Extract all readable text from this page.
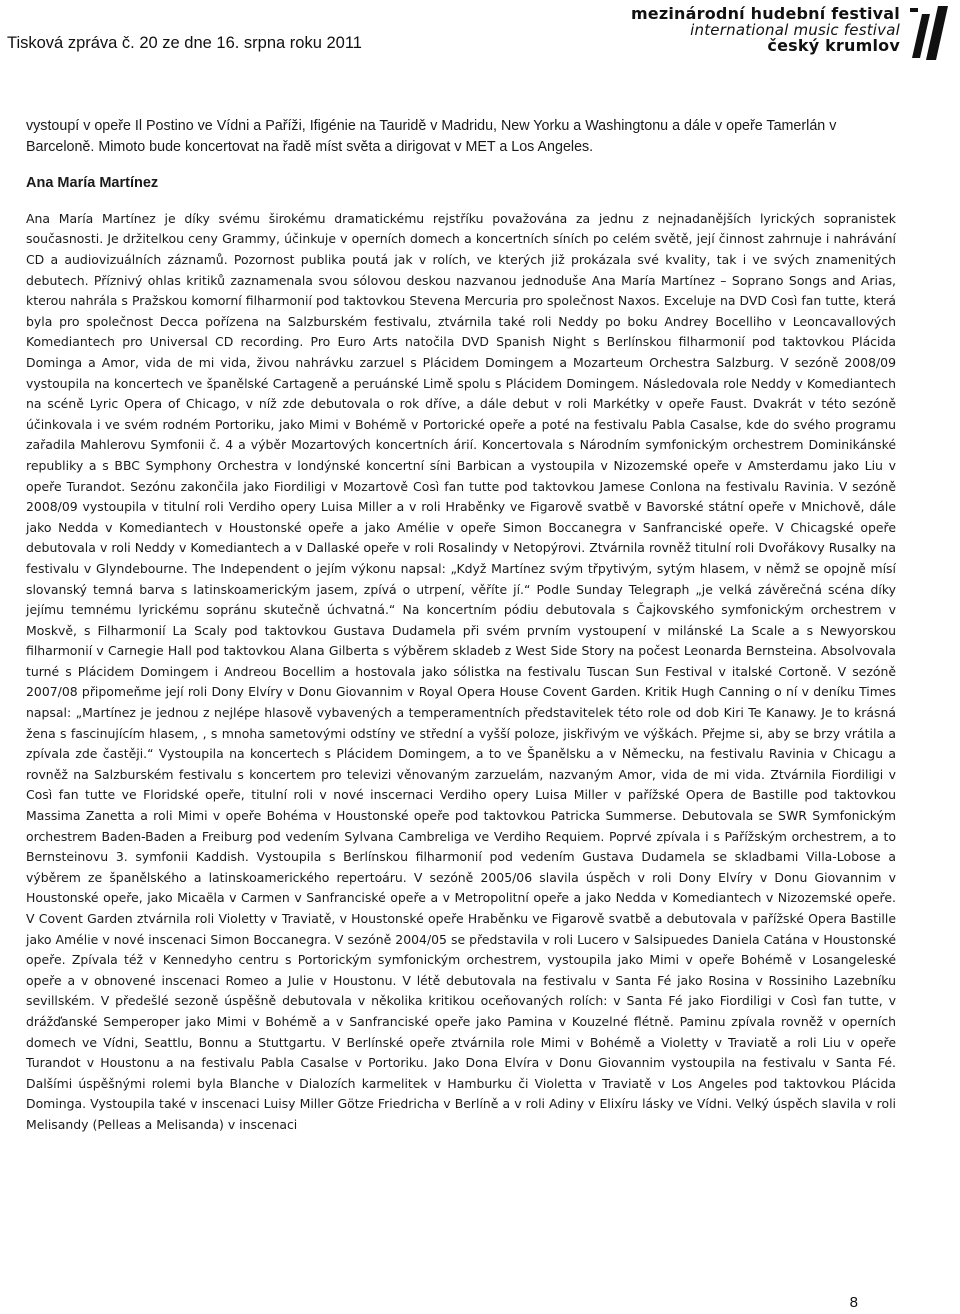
Tisková zpráva č. 20 ze dne 16. srpna roku 2011
mezinárodní hudební festival
international music festival
český krumlov

vystoupí v opeře Il Postino ve Vídni a Paříži, Ifigénie na Tauridě v Madridu, New Yorku a Washingtonu a dále v opeře Tamerlán v Barceloně. Mimoto bude koncertovat na řadě míst světa a dirigovat v MET a Los Angeles.

Ana María Martínez

Ana María Martínez je díky svému širokému dramatickému rejstříku považována za jednu z nejnadanějších lyrických sopranistek současnosti. Je držitelkou ceny Grammy, účinkuje v operních domech a koncertních síních po celém světě, její činnost zahrnuje i nahrávání CD a audiovizuálních záznamů. Pozornost publika poutá jak v rolích, ve kterých již prokázala své kvality, tak i ve svých znamenitých debutech. Příznivý ohlas kritiků zaznamenala svou sólovou deskou nazvanou jednoduše Ana María Martínez – Soprano Songs and Arias, kterou nahrála s Pražskou komorní filharmonií pod taktovkou Stevena Mercuria pro společnost Naxos. Exceluje na DVD Così fan tutte, která byla pro společnost Decca pořízena na Salzburském festivalu, ztvárnila také roli Neddy po boku Andrey Bocelliho v Leoncavallových Komediantech pro Universal CD recording. Pro Euro Arts natočila DVD Spanish Night s Berlínskou filharmonií pod taktovkou Plácida Dominga a Amor, vida de mi vida, živou nahrávku zarzuel s Plácidem Domingem a Mozarteum Orchestra Salzburg. V sezóně 2008/09 vystoupila na koncertech ve španělské Cartageně a peruánské Limě spolu s Plácidem Domingem. Následovala role Neddy v Komediantech na scéně Lyric Opera of Chicago, v níž zde debutovala o rok dříve, a dále debut v roli Markétky v opeře Faust. Dvakrát v této sezóně účinkovala i ve svém rodném Portoriku, jako Mimi v Bohémě v Portorické opeře a poté na festivalu Pabla Casalse, kde do svého programu zařadila Mahlerovu Symfonii č. 4 a výběr Mozartových koncertních árií. Koncertovala s Národním symfonickým orchestrem Dominikánské republiky a s BBC Symphony Orchestra v londýnské koncertní síni Barbican a vystoupila v Nizozemské opeře v Amsterdamu jako Liu v opeře Turandot. Sezónu zakončila jako Fiordiligi v Mozartově Così fan tutte pod taktovkou Jamese Conlona na festivalu Ravinia. V sezóně 2008/09 vystoupila v titulní roli Verdiho opery Luisa Miller a v roli Hraběnky ve Figarově svatbě v Bavorské státní opeře v Mnichově, dále jako Nedda v Komediantech v Houstonské opeře a jako Amélie v opeře Simon Boccanegra v Sanfranciské opeře. V Chicagské opeře debutovala v roli Neddy v Komediantech a v Dallaské opeře v roli Rosalindy v Netopýrovi. Ztvárnila rovněž titulní roli Dvořákovy Rusalky na festivalu v Glyndebourne. The Independent o jejím výkonu napsal: „Když Martínez svým třpytivým, sytým hlasem, v němž se opojně mísí slovanský temná barva s latinskoamerickým jasem, zpívá o utrpení, věříte jí.“ Podle Sunday Telegraph „je velká závěrečná scéna díky jejímu temnému lyrickému sopránu skutečně úchvatná.“ Na koncertním pódiu debutovala s Čajkovského symfonickým orchestrem v Moskvě, s Filharmonií La Scaly pod taktovkou Gustava Dudamela při svém prvním vystoupení v milánské La Scale a s Newyorskou filharmonií v Carnegie Hall pod taktovkou Alana Gilberta s výběrem skladeb z West Side Story na počest Leonarda Bernsteina. Absolvovala turné s Plácidem Domingem i Andreou Bocellim a hostovala jako sólistka na festivalu Tuscan Sun Festival v italské Cortoně. V sezóně 2007/08 připomeňme její roli Dony Elvíry v Donu Giovannim v Royal Opera House Covent Garden. Kritik Hugh Canning o ní v deníku Times napsal: „Martínez je jednou z nejlépe hlasově vybavených a temperamentních představitelek této role od dob Kiri Te Kanawy. Je to krásná žena s fascinujícím hlasem, , s mnoha sametovými odstíny ve střední a vyšší poloze, jiskřivým ve výškách. Přejme si, aby se brzy vrátila a zpívala zde častěji.“ Vystoupila na koncertech s Plácidem Domingem, a to ve Španělsku a v Německu, na festivalu Ravinia v Chicagu a rovněž na Salzburském festivalu s koncertem pro televizi věnovaným zarzuelám, nazvaným Amor, vida de mi vida. Ztvárnila Fiordiligi v Così fan tutte ve Floridské opeře, titulní roli v nové inscernaci Verdiho opery Luisa Miller v pařížské Opera de Bastille pod taktovkou Massima Zanetta a roli Mimi v opeře Bohéma v Houstonské opeře pod taktovkou Patricka Summerse. Debutovala se SWR Symfonickým orchestrem Baden-Baden a Freiburg pod vedením Sylvana Cambreliga ve Verdiho Requiem. Poprvé zpívala i s Pařížským orchestrem, a to Bernsteinovu 3. symfonii Kaddish. Vystoupila s Berlínskou filharmonií pod vedením Gustava Dudamela se skladbami Villa-Lobose a výběrem ze španělského a latinskoamerického repertoáru. V sezóně 2005/06 slavila úspěch v roli Dony Elvíry v Donu Giovannim v Houstonské opeře, jako Micaëla v Carmen v Sanfranciské opeře a v Metropolitní opeře a jako Nedda v Komediantech v Nizozemské opeře. V Covent Garden ztvárnila roli Violetty v Traviatě, v Houstonské opeře Hraběnku ve Figarově svatbě a debutovala v pařížské Opera Bastille jako Amélie v nové inscenaci Simon Boccanegra. V sezóně 2004/05 se představila v roli Lucero v Salsipuedes Daniela Catána v Houstonské opeře. Zpívala též v Kennedyho centru s Portorickým symfonickým orchestrem, vystoupila jako Mimi v opeře Bohémě v Losangeleské opeře a v obnovené inscenaci Romeo a Julie v Houstonu. V létě debutovala na festivalu v Santa Fé jako Rosina v Rossiniho Lazebníku sevillském. V předešlé sezoně úspěšně debutovala v několika kritikou oceňovaných rolích: v Santa Fé jako Fiordiligi v Così fan tutte, v drážďanské Semperoper jako Mimi v Bohémě a v Sanfranciské opeře jako Pamina v Kouzelné flétně. Paminu zpívala rovněž v operních domech ve Vídni, Seattlu, Bonnu a Stuttgartu. V Berlínské opeře ztvárnila role Mimi v Bohémě a Violetty v Traviatě a roli Liu v opeře Turandot v Houstonu a na festivalu Pabla Casalse v Portoriku. Jako Dona Elvíra v Donu Giovannim vystoupila na festivalu v Santa Fé. Dalšími úspěšnými rolemi byla Blanche v Dialozích karmelitek v Hamburku či Violetta v Traviatě v Los Angeles pod taktovkou Plácida Dominga. Vystoupila také v inscenaci Luisy Miller Götze Friedricha v Berlíně a v roli Adiny v Elixíru lásky ve Vídni. Velký úspěch slavila v roli Melisandy (Pelleas a Melisanda) v inscenaci

8
